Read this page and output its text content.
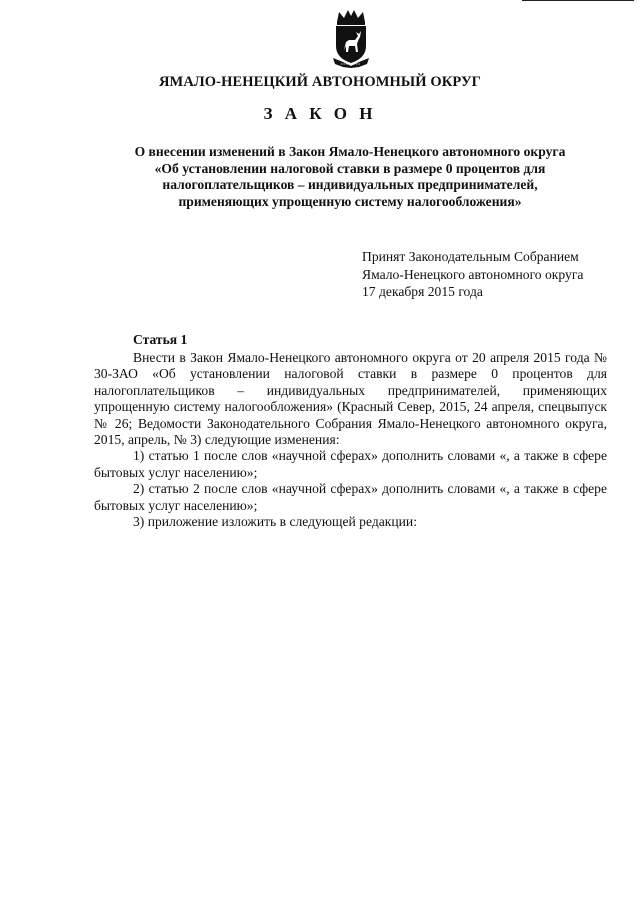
ЯМАЛО-НЕНЕЦКИЙ АВТОНОМНЫЙ ОКРУГ
З А К О Н
О внесении изменений в Закон Ямало-Ненецкого автономного округа
«Об установлении налоговой ставки в размере 0 процентов для
налогоплательщиков – индивидуальных предпринимателей,
применяющих упрощенную систему налогообложения»
Принят Законодательным Собранием
Ямало-Ненецкого автономного округа
17 декабря 2015 года
Статья 1

Внести в Закон Ямало-Ненецкого автономного округа от 20 апреля 2015 года № 30-ЗАО «Об установлении налоговой ставки в размере 0 процентов для налогоплательщиков – индивидуальных предпринимателей, применяющих упрощенную систему налогообложения» (Красный Север, 2015, 24 апреля, спецвыпуск № 26; Ведомости Законодательного Собрания Ямало-Ненецкого автономного округа, 2015, апрель, № 3) следующие изменения:

1) статью 1 после слов «научной сферах» дополнить словами «, а также в сфере бытовых услуг населению»;

2) статью 2 после слов «научной сферах» дополнить словами «, а также в сфере бытовых услуг населению»;

3) приложение изложить в следующей редакции:
